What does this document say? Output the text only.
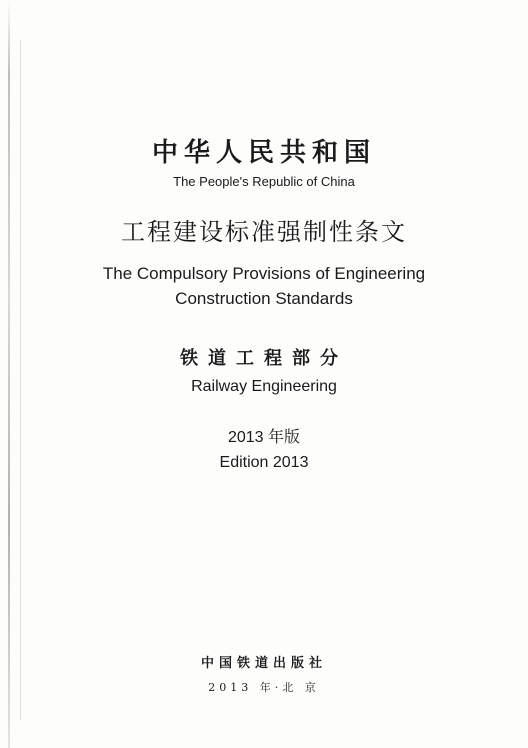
中华人民共和国
The People's Republic of China
工程建设标准强制性条文
The Compulsory Provisions of Engineering
Construction Standards
铁道工程部分
Railway Engineering
2013 年版
Edition 2013
中国铁道出版社
2013 年·北 京
